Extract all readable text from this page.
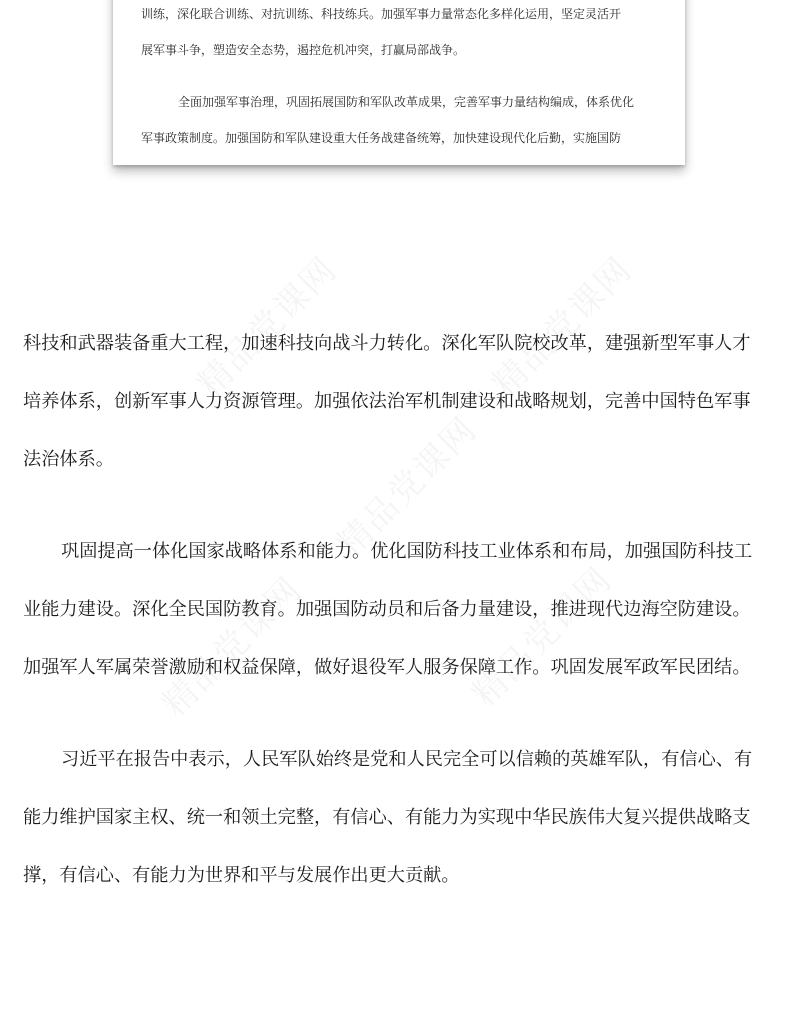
训练，深化联合训练、对抗训练、科技练兵。加强军事力量常态化多样化运用，坚定灵活开
展军事斗争，塑造安全态势，遏控危机冲突，打赢局部战争。
全面加强军事治理，巩固拓展国防和军队改革成果，完善军事力量结构编成，体系优化
军事政策制度。加强国防和军队建设重大任务战建备统筹，加快建设现代化后勤，实施国防
科技和武器装备重大工程，加速科技向战斗力转化。深化军队院校改革，建强新型军事人才
培养体系，创新军事人力资源管理。加强依法治军机制建设和战略规划，完善中国特色军事
法治体系。
巩固提高一体化国家战略体系和能力。优化国防科技工业体系和布局，加强国防科技工
业能力建设。深化全民国防教育。加强国防动员和后备力量建设，推进现代边海空防建设。
加强军人军属荣誉激励和权益保障，做好退役军人服务保障工作。巩固发展军政军民团结。
习近平在报告中表示，人民军队始终是党和人民完全可以信赖的英雄军队，有信心、有
能力维护国家主权、统一和领土完整，有信心、有能力为实现中华民族伟大复兴提供战略支
撑，有信心、有能力为世界和平与发展作出更大贡献。
